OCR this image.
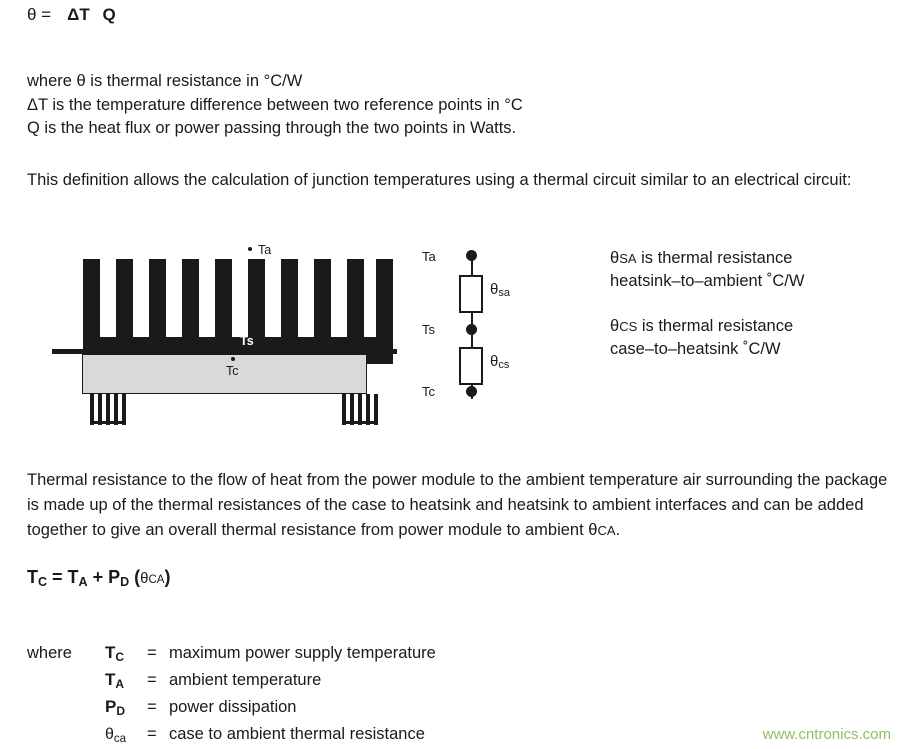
θ = ΔT Q
where θ is thermal resistance in °C/W
ΔT is the temperature difference between two reference points in °C
Q is the heat flux or power passing through the two points in Watts.
This definition allows the calculation of junction temperatures using a thermal circuit similar to an electrical circuit:
Ta
Ts
Tc
Ta
θsa
Ts
θcs
Tc
θSA is thermal resistance
heatsink–to–ambient ˚C/W
θCS is thermal resistance
case–to–heatsink ˚C/W
Thermal resistance to the flow of heat from the power module to the ambient temperature air surrounding the package is made up of the thermal resistances of the case to heatsink and heatsink to ambient interfaces and can be added together to give an overall thermal resistance from power module to ambient θCA.
TC = TA + PD (θCA)
where	TC	= maximum power supply temperature
TA	= ambient temperature
PD	= power dissipation
θca	= case to ambient thermal resistance	www.cntronics.com
